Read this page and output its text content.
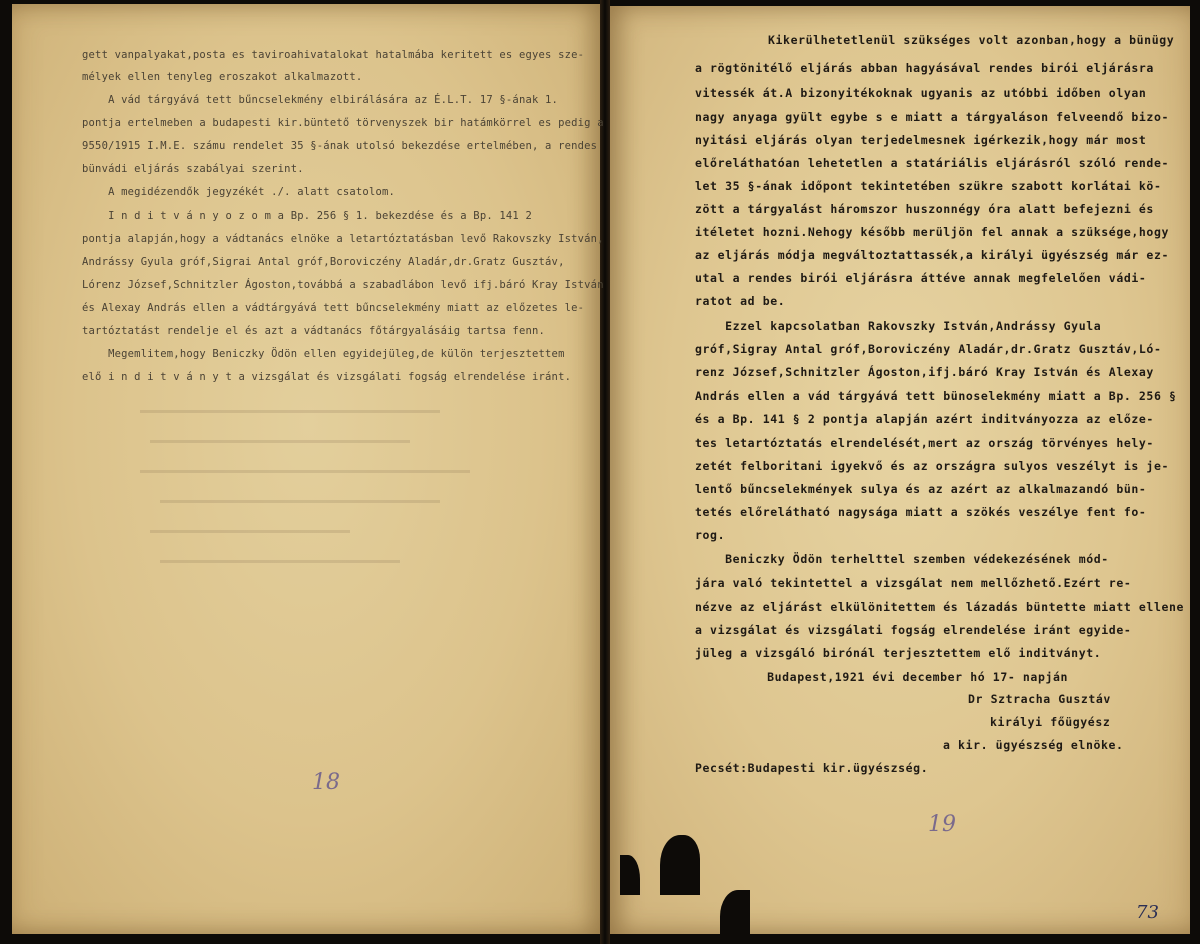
gett vanpalyakat,posta es taviroahivatalokat hatalmába keritett es egyes sze-
mélyek ellen tenyleg eroszakot alkalmazott.
A vád tárgyává tett bűncselekmény elbirálására az É.L.T. 17 §-ának 1.
pontja ertelmeben a budapesti kir.büntető törvenyszek bir hatámkörrel es pedig a
9550/1915 I.M.E. számu rendelet 35 §-ának utolsó bekezdése ertelmében, a rendes
bünvádi eljárás szabályai szerint.
A megidézendők jegyzékét ./. alatt csatolom.
I n d i t v á n y o z o m a Bp. 256 § 1. bekezdése és a Bp. 141 2
pontja alapján,hogy a vádtanács elnöke a letartóztatásban levő Rakovszky István,
Andrássy Gyula gróf,Sigrai Antal gróf,Boroviczény Aladár,dr.Gratz Gusztáv,
Lórenz József,Schnitzler Ágoston,továbbá a szabadlábon levő ifj.báró Kray István
és Alexay András ellen a vádtárgyává tett bűncselekmény miatt az előzetes le-
tartóztatást rendelje el és azt a vádtanács főtárgyalásáig tartsa fenn.
Megemlitem,hogy Beniczky Ödön ellen egyidejüleg,de külön terjesztettem
elő i n d i t v á n y t a vizsgálat és vizsgálati fogság elrendelése iránt.
18
Kikerülhetetlenül szükséges volt azonban,hogy a bünügy
a rögtönitélő eljárás abban hagyásával rendes birói eljárásra
vitessék át.A bizonyitékoknak ugyanis az utóbbi időben olyan
nagy anyaga gyült egybe s e miatt a tárgyaláson felveendő bizo-
nyitási eljárás olyan terjedelmesnek igérkezik,hogy már most
előreláthatóan lehetetlen a statáriális eljárásról szóló rende-
let 35 §-ának időpont tekintetében szükre szabott korlátai kö-
zött a tárgyalást háromszor huszonnégy óra alatt befejezni és
itéletet hozni.Nehogy később merüljön fel annak a szüksége,hogy
az eljárás módja megváltoztattassék,a királyi ügyészség már ez-
utal a rendes birói eljárásra áttéve annak megfelelően vádi-
ratot ad be.
Ezzel kapcsolatban Rakovszky István,Andrássy Gyula
gróf,Sigray Antal gróf,Boroviczény Aladár,dr.Gratz Gusztáv,Ló-
renz József,Schnitzler Ágoston,ifj.báró Kray István és Alexay
András ellen a vád tárgyává tett bünoselekmény miatt a Bp. 256 §
és a Bp. 141 § 2 pontja alapján azért inditványozza az előze-
tes letartóztatás elrendelését,mert az ország törvényes hely-
zetét felboritani igyekvő és az országra sulyos veszélyt is je-
lentő bűncselekmények sulya és az azért az alkalmazandó bün-
tetés előrelátható nagysága miatt a szökés veszélye fent fo-
rog.
Beniczky Ödön terhelttel szemben védekezésének mód-
jára való tekintettel a vizsgálat nem mellőzhető.Ezért re-
nézve az eljárást elkülönitettem és lázadás büntette miatt ellene
a vizsgálat és vizsgálati fogság elrendelése iránt egyide-
jüleg a vizsgáló birónál terjesztettem elő inditványt.
Budapest,1921 évi december hó 17- napján
Dr Sztracha Gusztáv
királyi főügyész
a kir. ügyészség elnöke.
Pecsét:Budapesti kir.ügyészség.
19
73
